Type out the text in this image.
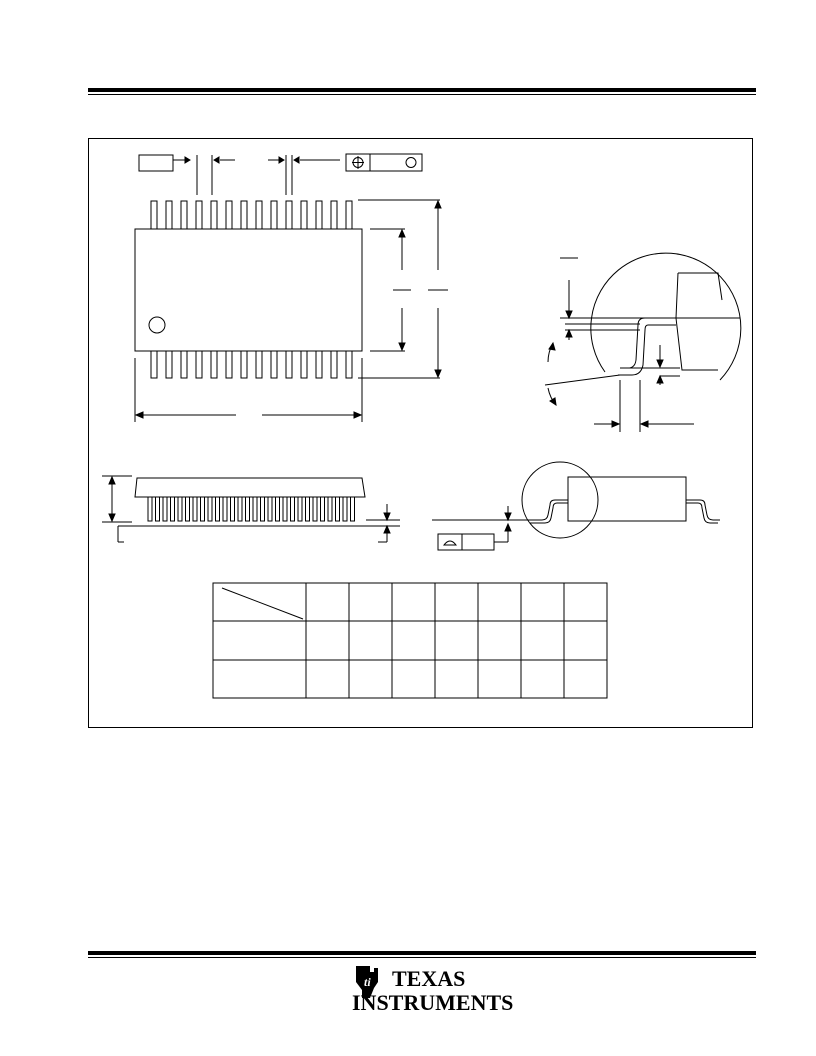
ti TEXAS
INSTRUMENTS
